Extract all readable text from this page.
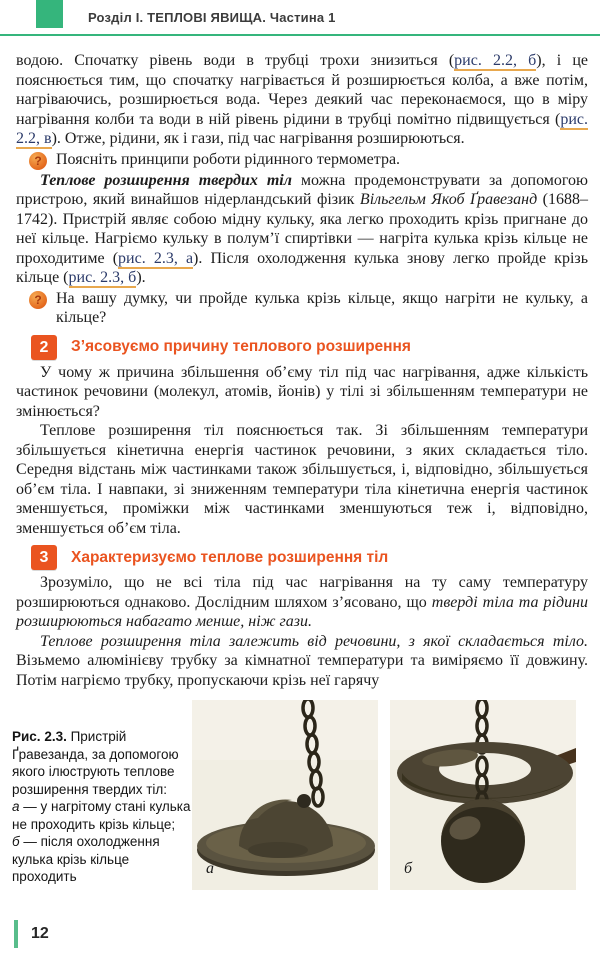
Розділ І. ТЕПЛОВІ ЯВИЩА. Частина 1

водою. Спочатку рівень води в трубці трохи знизиться (рис. 2.2, б), і це пояснюється тим, що спочатку нагрівається й розширюється колба, а вже потім, нагріваючись, розширюється вода. Через деякий час переконаємося, що в міру нагрівання колби та води в ній рівень рідини в трубці помітно підвищується (рис. 2.2, в). Отже, рідини, як і гази, під час нагрівання розширюються.

? Поясніть принципи роботи рідинного термометра.

Теплове розширення твердих тіл можна продемонструвати за допомогою пристрою, який винайшов нідерландський фізик Вільгельм Якоб Ґравезанд (1688–1742). Пристрій являє собою мідну кульку, яка легко проходить крізь пригнане до неї кільце. Нагріємо кульку в полум’ї спиртівки — нагріта кулька крізь кільце не проходитиме (рис. 2.3, а). Після охолодження кулька знову легко пройде крізь кільце (рис. 2.3, б).

? На вашу думку, чи пройде кулька крізь кільце, якщо нагріти не кульку, а кільце?
2	З’ясовуємо причину теплового розширення

У чому ж причина збільшення об’єму тіл під час нагрівання, адже кількість частинок речовини (молекул, атомів, йонів) у тілі зі збільшенням температури не змінюється?

Теплове розширення тіл пояснюється так. Зі збільшенням температури збільшується кінетична енергія частинок речовини, з яких складається тіло. Середня відстань між частинками також збільшується, і, відповідно, збільшується об’єм тіла. І навпаки, зі зниженням температури тіла кінетична енергія частинок зменшується, проміжки між частинками зменшуються теж і, відповідно, зменшується об’єм тіла.

3	Характеризуємо теплове розширення тіл

Зрозуміло, що не всі тіла під час нагрівання на ту саму температуру розширюються однаково. Дослідним шляхом з’ясовано, що тверді тіла та рідини розширюються набагато менше, ніж гази.

Теплове розширення тіла залежить від речовини, з якої складається тіло. Візьмемо алюмінієву трубку за кімнатної температури та виміряємо її довжину. Потім нагріємо трубку, пропускаючи крізь неї гарячу

Рис. 2.3. Пристрій Ґравезанда, за допомогою якого ілюструють теплове розширення твердих тіл:
а — у нагрітому стані кулька не проходить крізь кільце;
б — після охолодження кулька крізь кільце проходить	а	б
12
